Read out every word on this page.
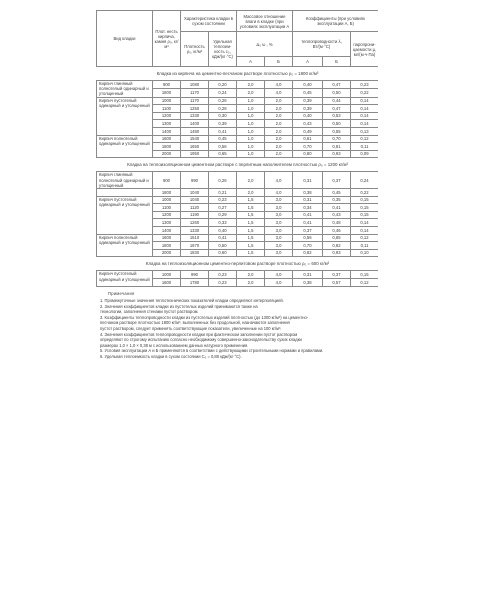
Вид кладки	Плот. несть кирпича, камня ρ₀, кг/м³	Характеристика кладки в сухом состоянии		Массовое отношение влаги в кладке (при условиях эксплуатации А		Коэффициенты (при условиях эксплуатации А, Б)		
		Плотность ρ₀, кг/м³	Удельная теплоемкость с₀, кДж/(кг·°С)	Δ₀ ω , %		теплопроводности λ, Вт/(м·°С)		паропроницаемости μ, мг/(м·ч·Па)
				А	Б	А	Б	
Кладка из кирпича на цементно-песчаном растворе плотностью ρ₀ = 1800 кг/м³								
Кирпич глиняный полнотелый одинарный и утолщенный	900	1080	0,20	2,0	4,0	0,40	0,47	0,23
	1800	1170	0,24	2,0	4,0	0,45	0,50	0,22
Кирпич пустотелый одинарный и утолщенный	1000	1170	0,26	1,0	2,0	0,39	0,44	0,14
	1100	1250	0,28	1,0	2,0	0,39	0,47	0,14
	1200	1330	0,30	1,0	2,0	0,40	0,53	0,14
	1300	1400	0,39	1,0	2,0	0,43	0,50	0,14
	1400	1480	0,41	1,0	2,0	0,49	0,55	0,13
Кирпич полнотелый одинарный и утолщенный	1600	1540	0,45	1,0	2,0	0,61	0,70	0,12
	1800	1650	0,56	1,0	2,0	0,70	0,81	0,11
	2000	1950	0,65	1,0	2,0	0,80	0,93	0,09
Кладка на теплоизоляционном цементном растворе с перлитным наполнителем плотностью ρ₀ = 1200 кг/м³								
Кирпич глиняный полнотелый одинарный и утолщенный	900	990	0,26	2,0	4,0	0,31	0,37	0,24
	1800	1040	0,21	2,0	4,0	0,38	0,45	0,22
Кирпич пустотелый одинарный и утолщенный	1000	1040	0,23	1,5	3,0	0,31	0,35	0,15
	1100	1120	0,27	1,5	3,0	0,34	0,41	0,15
	1200	1190	0,29	1,5	3,0	0,41	0,43	0,15
	1300	1260	0,33	1,5	3,0	0,41	0,48	0,14
	1400	1330	0,40	1,5	3,0	0,37	0,46	0,14
Кирпич полнотелый одинарный и утолщенный	1600	1510	0,41	1,5	3,0	0,56	0,65	0,12
	1800	1670	0,50	1,5	3,0	0,70	0,82	0,11
	2000	1830	0,60	1,5	3,0	0,82	0,93	0,10
Кладка на теплоизоляционном цементно-перлитовом растворе плотностью ρ₀ = 600 кг/м³								
Кирпич пустотелый одинарный и утолщенный	1000	990	0,23	2,0	4,0	0,31	0,37	0,15
	1600	1780	0,23	2,0	4,0	0,38	0,57	0,12
Примечания
1. Промежуточные значения теплотехнических показателей кладки определяют интерполяцией.
2. Значения коэффициентов кладки из пустотелых изделий принимаются также на
технологии, заполнения стенами пустот раствором.
3. Коэффициенты теплопроводности кладки из пустотелых изделий плотностью (до 1300 кг/м³) на цементно-
песчаном растворе плотностью 1800 кг/м³, выполненных без продольной, назначаются заполнения
пустот раствором, следует применять соответствующие показатели, увеличенные на 100 кг/м³.
4. Значения коэффициентов теплопроводности кладки при фактическом заполнении пустот раствором
определяют по строгому испытанию согласно необходимому совершенно-законодательству сухих кладки
размерах 1,0 × 1,0 × 0,38 м с использованием данных натурного применения.
5. Условия эксплуатации А и Б применяются в соответствии с действующими строительными нормами и правилами.
6. Удельная теплоемкость кладки в сухом состоянии С₀ = 0,88 кДж/(кг·°С).
